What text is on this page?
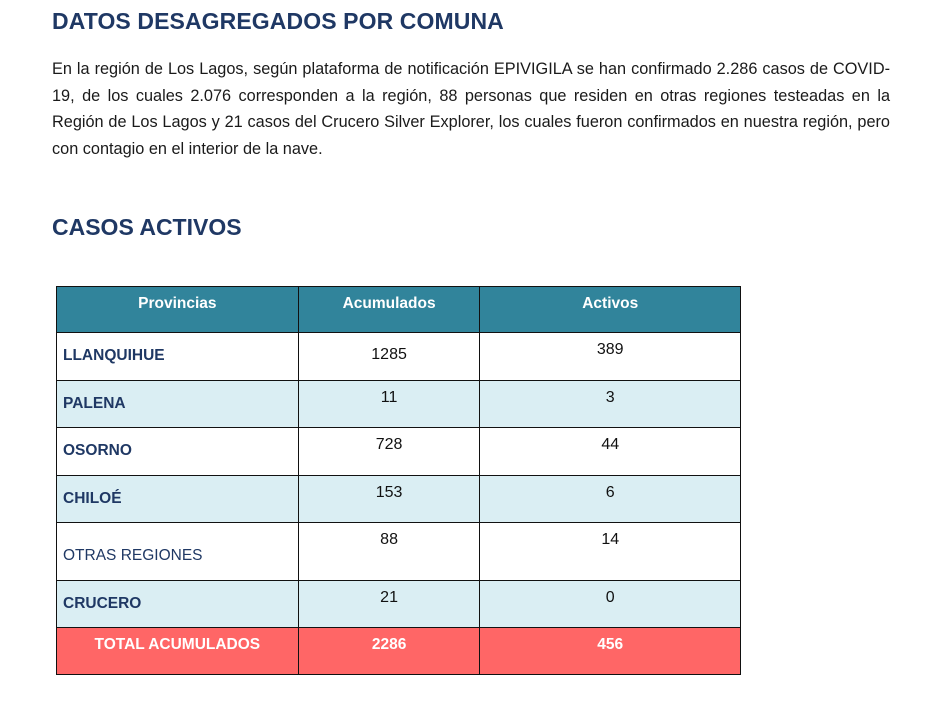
DATOS DESAGREGADOS POR COMUNA
En la región de Los Lagos, según plataforma de notificación EPIVIGILA se han confirmado 2.286 casos de COVID-19, de los cuales 2.076 corresponden a la región, 88 personas que residen en otras regiones testeadas en la Región de Los Lagos y 21 casos del Crucero Silver Explorer, los cuales fueron confirmados en nuestra región, pero con contagio en el interior de la nave.
CASOS ACTIVOS
Provincias	Acumulados	Activos
LLANQUIHUE	1285	389
PALENA	11	3
OSORNO	728	44
CHILOÉ	153	6
OTRAS REGIONES	88	14
CRUCERO	21	0
TOTAL ACUMULADOS	2286	456
